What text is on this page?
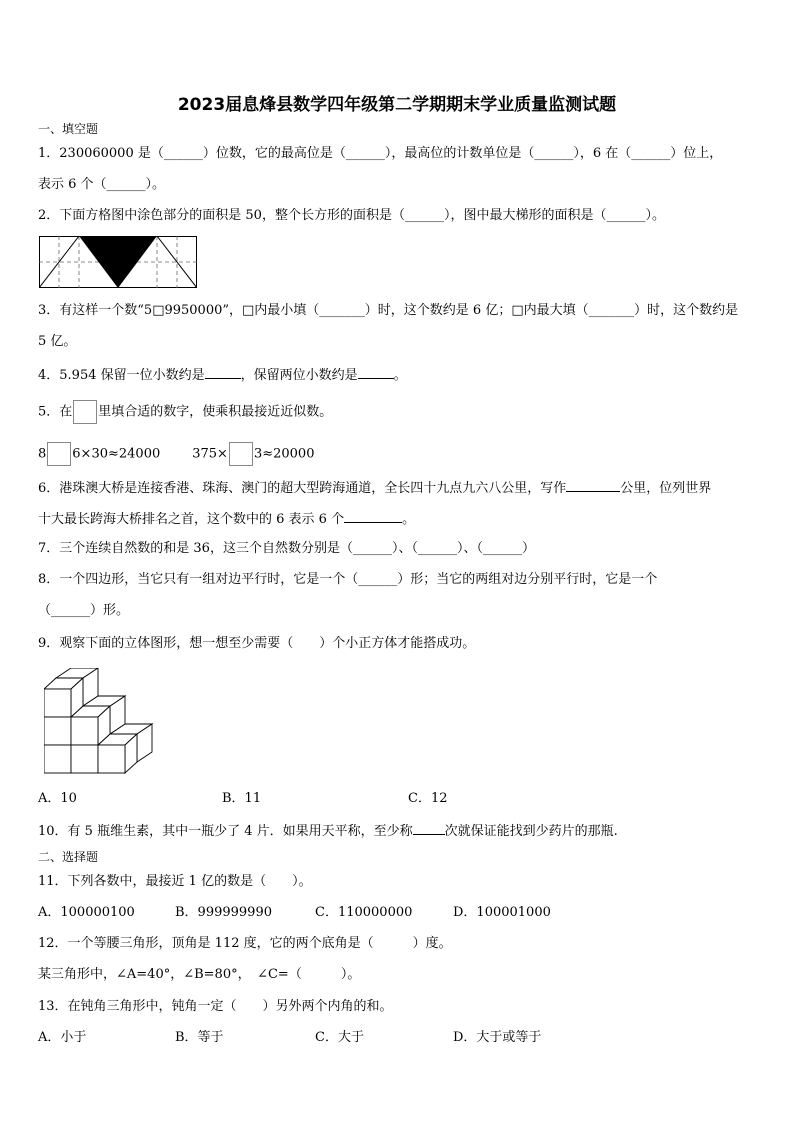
2023届息烽县数学四年级第二学期期末学业质量监测试题
一、填空题
1．230060000 是（______）位数，它的最高位是（______），最高位的计数单位是（______），6 在（______）位上，
表示 6 个（______）。
2．下面方格图中涂色部分的面积是 50，整个长方形的面积是（______），图中最大梯形的面积是（______）。
3．有这样一个数“5□9950000”，□内最小填（_______）时，这个数约是 6 亿；□内最大填（_______）时，这个数约是
5 亿。
4．5.954 保留一位小数约是	，保留两位小数约是	。
5．在 里填合适的数字，使乘积最接近近似数。
8 6×30≈24000 375× 3≈20000
6．港珠澳大桥是连接香港、珠海、澳门的超大型跨海通道，全长四十九点九六八公里，写作	公里，位列世界
十大最长跨海大桥排名之首，这个数中的 6 表示 6 个	。
7．三个连续自然数的和是 36，这三个自然数分别是（______）、（______）、（______）
8．一个四边形，当它只有一组对边平行时，它是一个（______）形；当它的两组对边分别平行时，它是一个
（______）形。
9．观察下面的立体图形，想一想至少需要（　　）个小正方体才能搭成功。
A．10	B．11	C．12
10．有 5 瓶维生素，其中一瓶少了 4 片．如果用天平称，至少称 次就保证能找到少药片的那瓶.
二、选择题
11．下列各数中，最接近 1 亿的数是（　　）。
A．100000100	B．999999990	C．110000000	D．100001000
12．一个等腰三角形，顶角是 112 度，它的两个底角是（　　　）度。
某三角形中，∠A=40°，∠B=80°，　∠C=（　　　）。
13．在钝角三角形中，钝角一定（　　）另外两个内角的和。
A．小于	B．等于	C．大于	D．大于或等于
